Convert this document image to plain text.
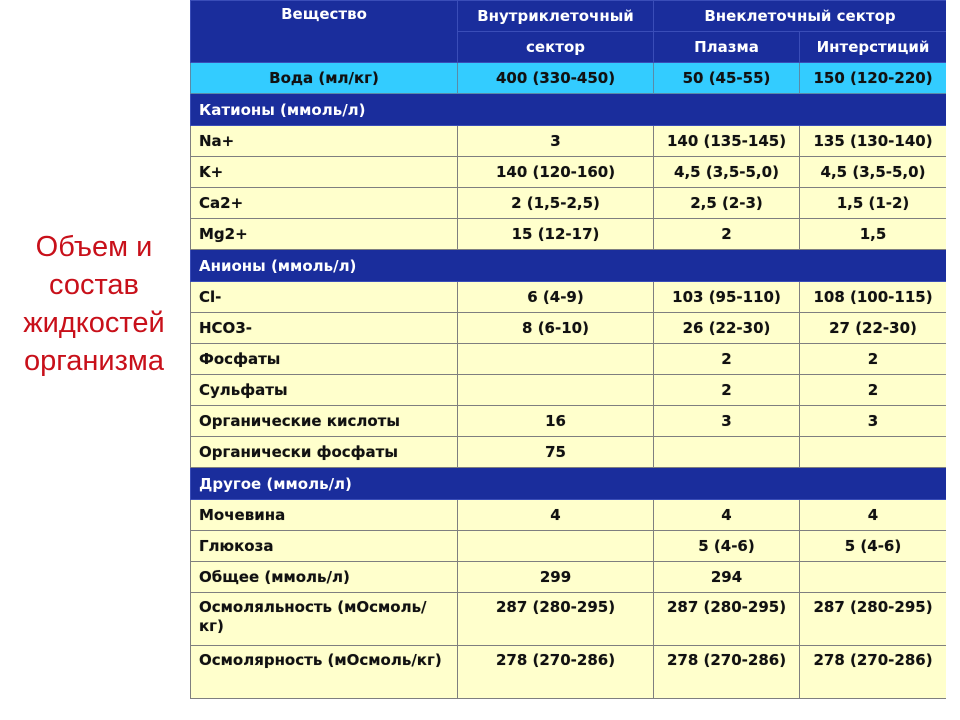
Объем и
состав
жидкостей
организма
Вещество	Внутриклеточный	Внеклеточный сектор	
	сектор	Плазма	Интерстиций
Вода (мл/кг)	400 (330-450)	50 (45-55)	150 (120-220)
Катионы (ммоль/л)			
Na+	3	140 (135-145)	135 (130-140)
K+	140 (120-160)	4,5 (3,5-5,0)	4,5 (3,5-5,0)
Ca2+	2 (1,5-2,5)	2,5 (2-3)	1,5 (1-2)
Mg2+	15 (12-17)	2	1,5
Анионы (ммоль/л)			
Cl-	6 (4-9)	103 (95-110)	108 (100-115)
HCO3-	8 (6-10)	26 (22-30)	27 (22-30)
Фосфаты		2	2
Сульфаты		2	2
Органические кислоты	16	3	3
Органически фосфаты	75		
Другое (ммоль/л)			
Мочевина	4	4	4
Глюкоза		5 (4-6)	5 (4-6)
Общее (ммоль/л)	299	294	
Осмоляльность (мОсмоль/кг)	287 (280-295)	287 (280-295)	287 (280-295)
Осмолярность (мОсмоль/кг)	278 (270-286)	278 (270-286)	278 (270-286)
